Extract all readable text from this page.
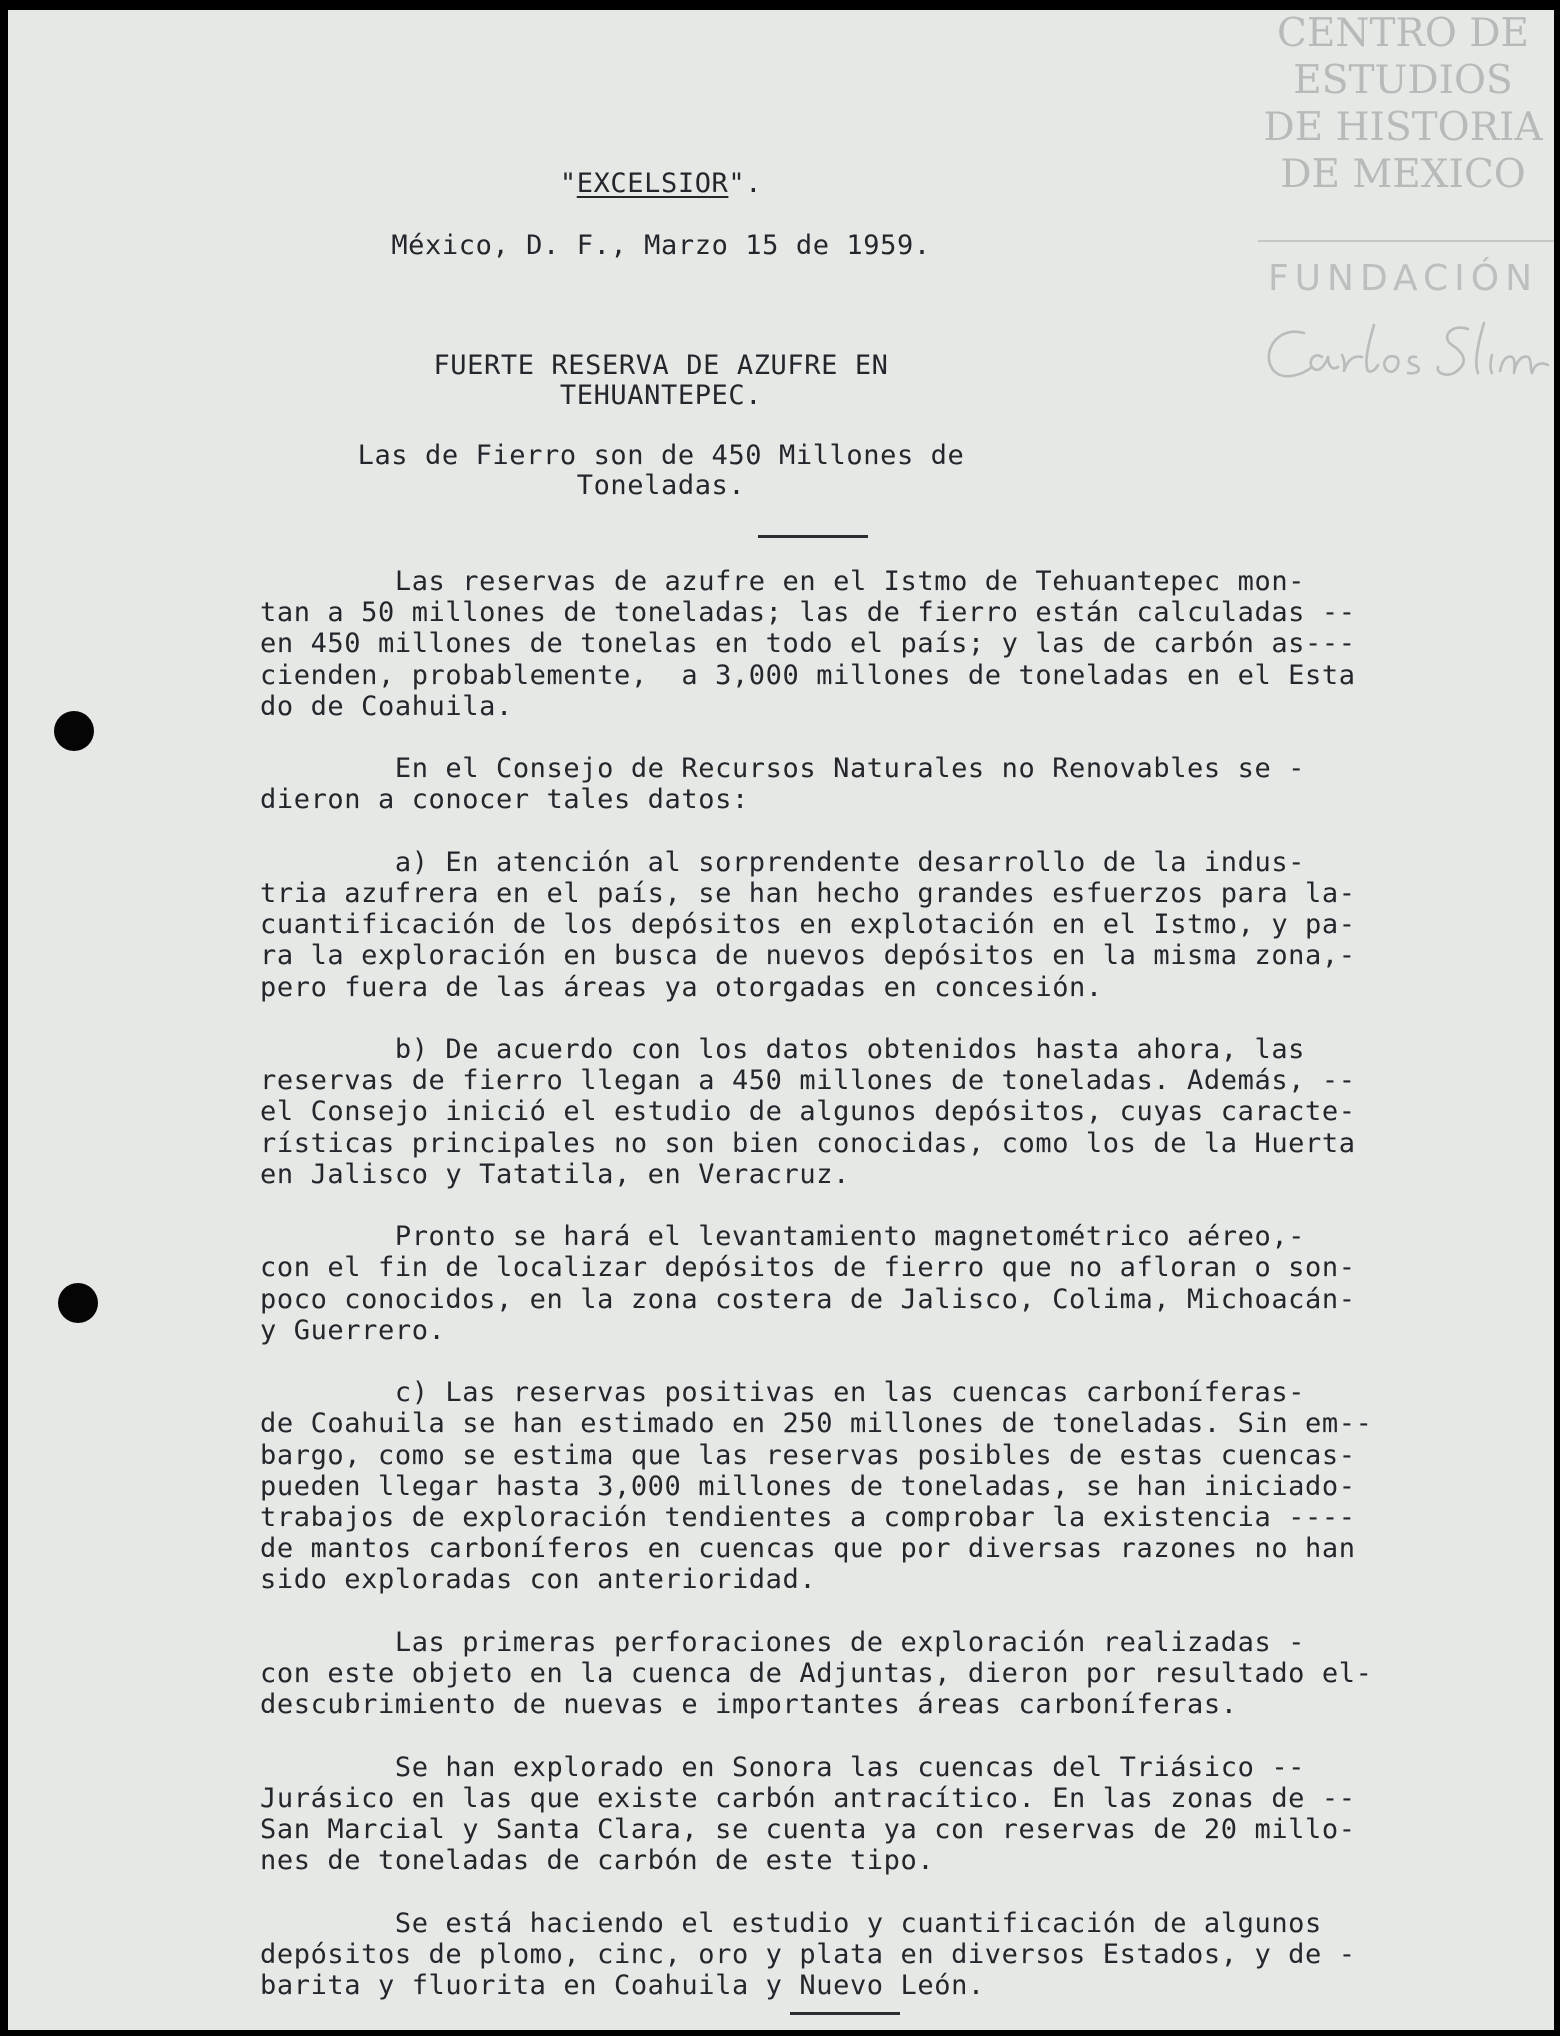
CENTRO DE
ESTUDIOS
DE HISTORIA
DE MEXICO
FUNDACIÓN
"EXCELSIOR".
México, D. F., Marzo 15 de 1959.
FUERTE RESERVA DE AZUFRE EN
TEHUANTEPEC.
Las de Fierro son de 450 Millones de
Toneladas.
Las reservas de azufre en el Istmo de Tehuantepec mon-
tan a 50 millones de toneladas; las de fierro están calculadas --
en 450 millones de tonelas en todo el país; y las de carbón as---
cienden, probablemente,  a 3,000 millones de toneladas en el Esta
do de Coahuila.
En el Consejo de Recursos Naturales no Renovables se -
dieron a conocer tales datos:
a) En atención al sorprendente desarrollo de la indus-
tria azufrera en el país, se han hecho grandes esfuerzos para la-
cuantificación de los depósitos en explotación en el Istmo, y pa-
ra la exploración en busca de nuevos depósitos en la misma zona,-
pero fuera de las áreas ya otorgadas en concesión.
b) De acuerdo con los datos obtenidos hasta ahora, las
reservas de fierro llegan a 450 millones de toneladas. Además, --
el Consejo inició el estudio de algunos depósitos, cuyas caracte-
rísticas principales no son bien conocidas, como los de la Huerta
en Jalisco y Tatatila, en Veracruz.
Pronto se hará el levantamiento magnetométrico aéreo,-
con el fin de localizar depósitos de fierro que no afloran o son-
poco conocidos, en la zona costera de Jalisco, Colima, Michoacán-
y Guerrero.
c) Las reservas positivas en las cuencas carboníferas-
de Coahuila se han estimado en 250 millones de toneladas. Sin em--
bargo, como se estima que las reservas posibles de estas cuencas-
pueden llegar hasta 3,000 millones de toneladas, se han iniciado-
trabajos de exploración tendientes a comprobar la existencia ----
de mantos carboníferos en cuencas que por diversas razones no han
sido exploradas con anterioridad.
Las primeras perforaciones de exploración realizadas -
con este objeto en la cuenca de Adjuntas, dieron por resultado el-
descubrimiento de nuevas e importantes áreas carboníferas.
Se han explorado en Sonora las cuencas del Triásico --
Jurásico en las que existe carbón antracítico. En las zonas de --
San Marcial y Santa Clara, se cuenta ya con reservas de 20 millo-
nes de toneladas de carbón de este tipo.
Se está haciendo el estudio y cuantificación de algunos
depósitos de plomo, cinc, oro y plata en diversos Estados, y de -
barita y fluorita en Coahuila y Nuevo León.
